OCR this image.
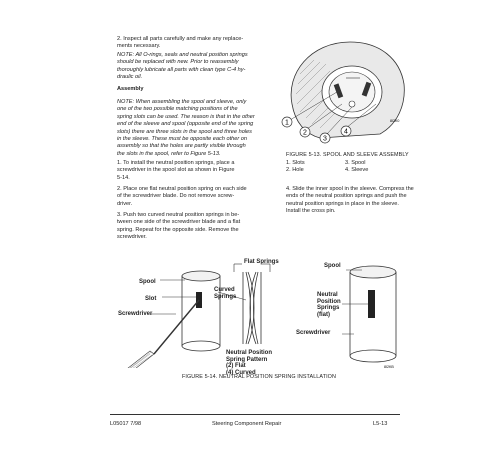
2. Inspect all parts carefully and make any replace-
ments necessary.
NOTE: All O-rings, seals and neutral position springs
should be replaced with new. Prior to reassembly
thoroughly lubricate all parts with clean type C-4 hy-
draulic oil.
Assembly
NOTE: When assembling the spool and sleeve, only
one of the two possible matching positions of the
spring slots can be used. The reason is that in the other
end of the sleeve and spool (opposite end of the spring
slots) there are three slots in the spool and three holes
in the sleeve. These must be opposite each other on
assembly so that the holes are partly visible through
the slots in the spool, refer to Figure 5-13.
1. To install the neutral position springs, place a
screwdriver in the spool slot as shown in Figure
5-14.
2. Place one flat neutral position spring on each side
of the screwdriver blade. Do not remove screw-
driver.
3. Push two curved neutral position springs in be-
tween one side of the screwdriver blade and a flat
spring. Repeat for the opposite side. Remove the
screwdriver.
1
2
3
4
8I2K0
FIGURE 5-13. SPOOL AND SLEEVE ASSEMBLY
1. Slots	3. Spool
2. Hole	4. Sleeve
4. Slide the inner spool in the sleeve. Compress the
ends of the neutral position springs and push the
neutral position springs in place in the sleeve.
Install the cross pin.
8I2KB
Flat Springs
Spool
Slot
Screwdriver
Curved
Springs
Neutral Position
Spring Pattern
(2) Flat
(4) Curved
Spool
Neutral
Position
Springs
(flat)
Screwdriver
FIGURE 5-14. NEUTRAL POSITION SPRING INSTALLATION
L05017 7/98	Steering Component Repair	L5-13
